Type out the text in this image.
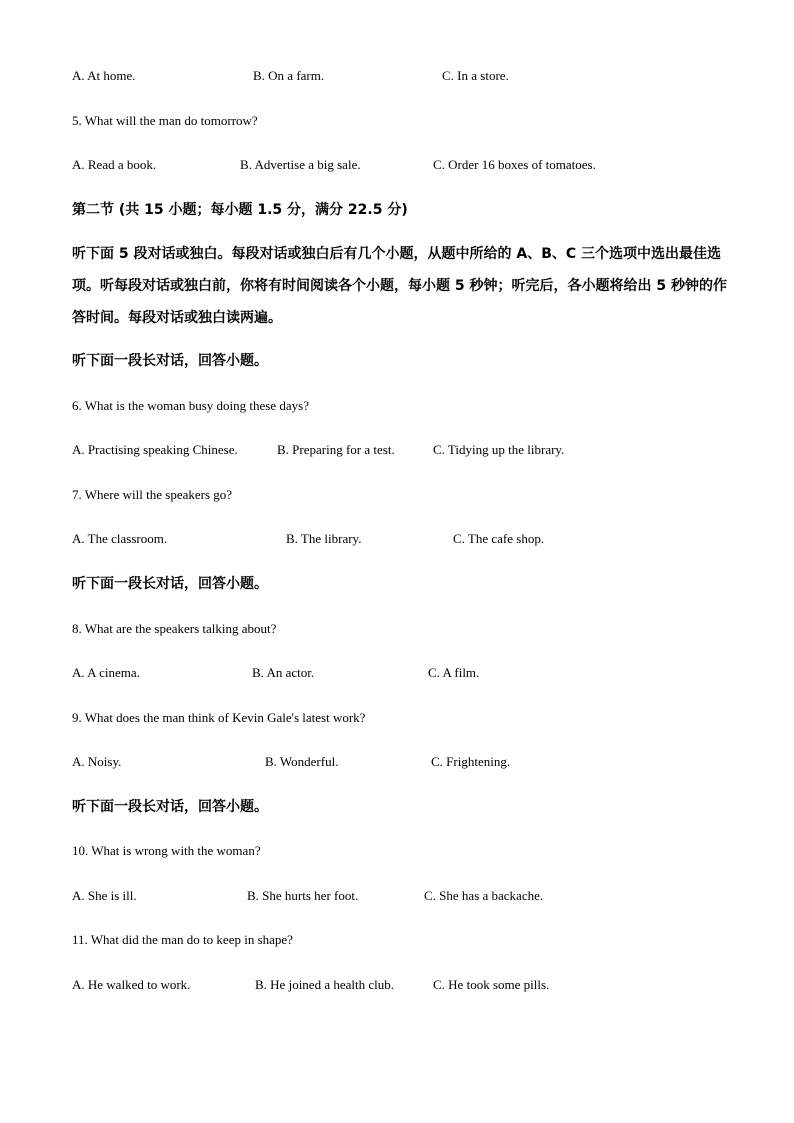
A. At home.	B. On a farm.	C. In a store.
5. What will the man do tomorrow?
A. Read a book.	B. Advertise a big sale.	C. Order 16 boxes of tomatoes.
第二节 (共 15 小题；每小题 1.5 分，满分 22.5 分)
听下面 5 段对话或独白。每段对话或独白后有几个小题，从题中所给的 A、B、C 三个选项中选出最佳选项。听每段对话或独白前，你将有时间阅读各个小题，每小题 5 秒钟；听完后，各小题将给出 5 秒钟的作答时间。每段对话或独白读两遍。
听下面一段长对话，回答小题。
6. What is the woman busy doing these days?
A. Practising speaking Chinese.	B. Preparing for a test.	C. Tidying up the library.
7. Where will the speakers go?
A. The classroom.	B. The library.	C. The cafe shop.
听下面一段长对话，回答小题。
8. What are the speakers talking about?
A. A cinema.	B. An actor.	C. A film.
9. What does the man think of Kevin Gale's latest work?
A. Noisy.	B. Wonderful.	C. Frightening.
听下面一段长对话，回答小题。
10. What is wrong with the woman?
A. She is ill.	B. She hurts her foot.	C. She has a backache.
11. What did the man do to keep in shape?
A. He walked to work.	B. He joined a health club.	C. He took some pills.
